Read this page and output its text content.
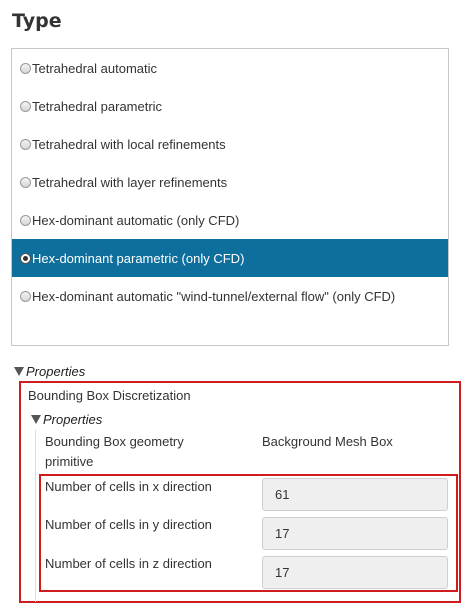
Type
Tetrahedral automatic
Tetrahedral parametric
Tetrahedral with local refinements
Tetrahedral with layer refinements
Hex-dominant automatic (only CFD)
Hex-dominant parametric (only CFD)
Hex-dominant automatic "wind-tunnel/external flow" (only CFD)
Properties
Bounding Box Discretization
Properties
Bounding Box geometry primitive
Background Mesh Box
Number of cells in x direction
61
Number of cells in y direction
17
Number of cells in z direction
17
